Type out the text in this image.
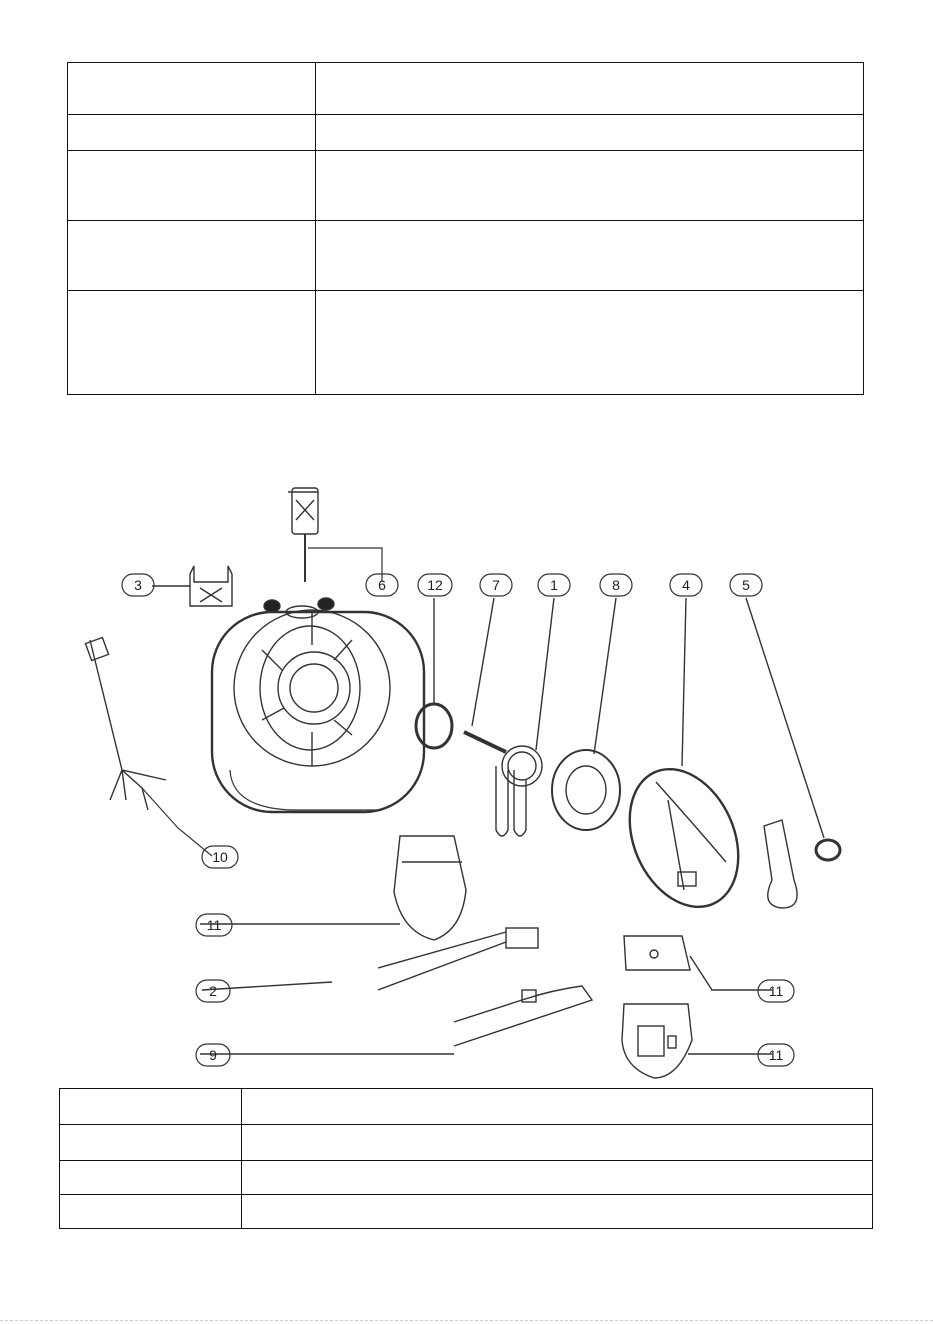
3	6	12	7	1	8	4	5
10
11
2
9
11
11
